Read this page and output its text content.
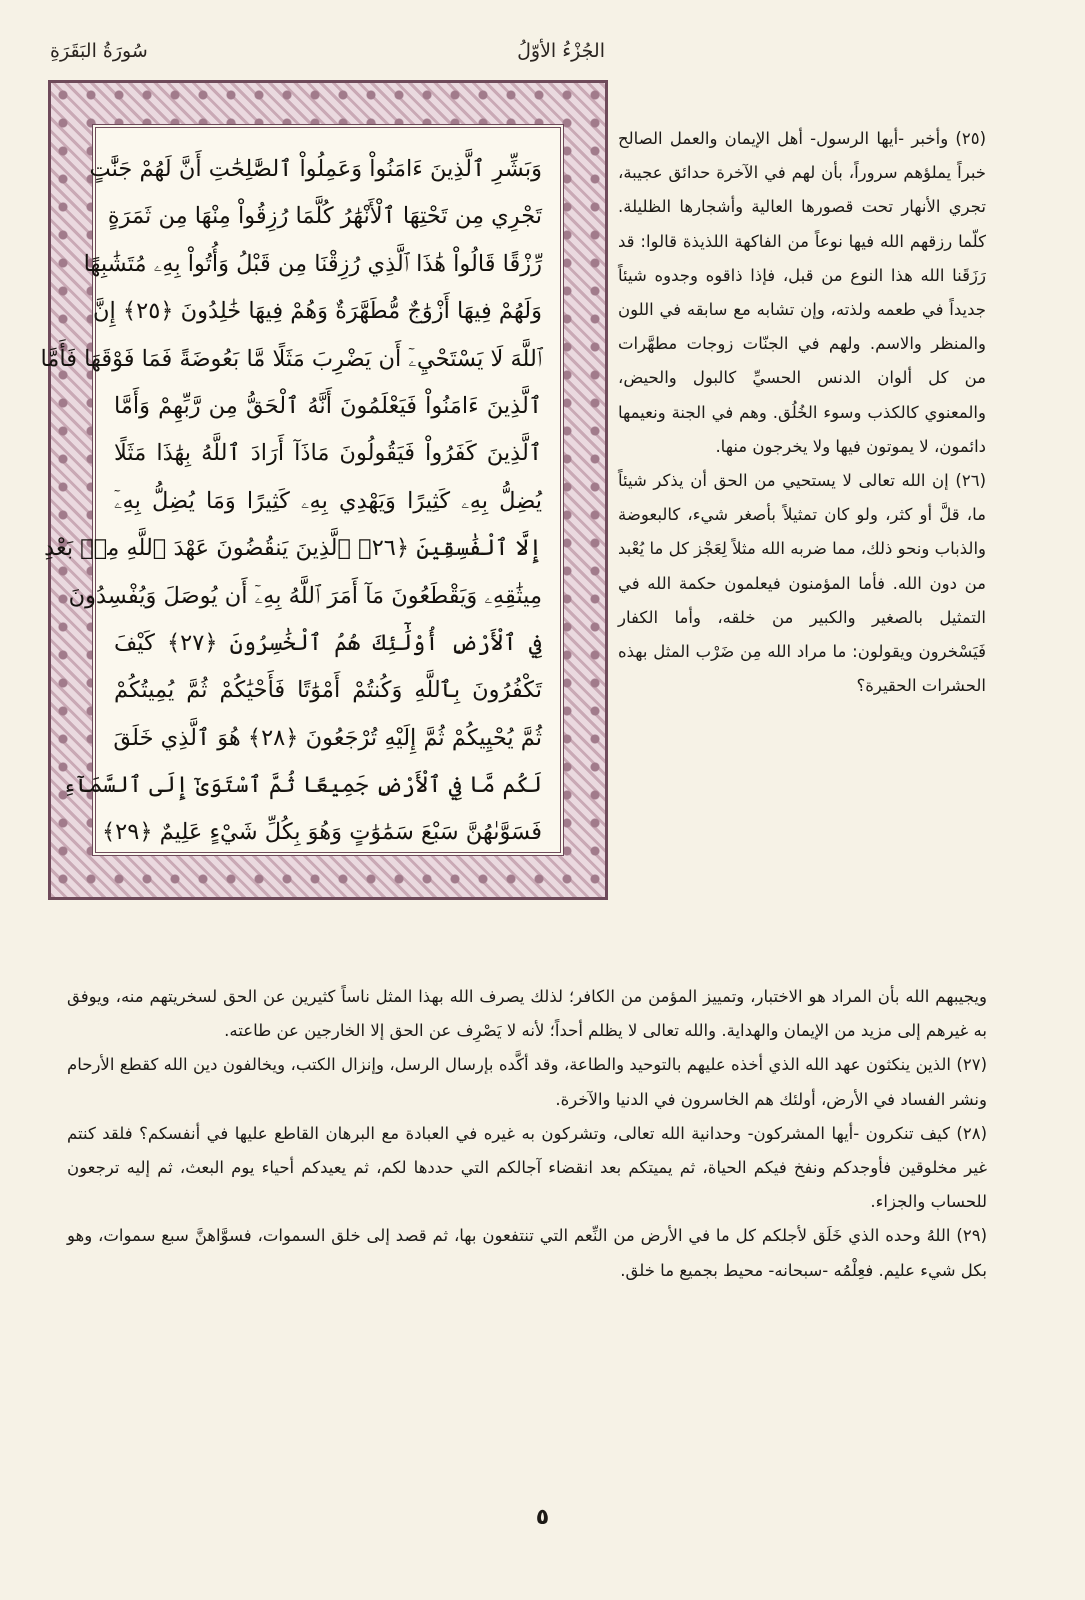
الجُزْءُ الأوّلُ
سُورَةُ البَقَرَةِ
وَبَشِّرِ ٱلَّذِينَ ءَامَنُواْ وَعَمِلُواْ ٱلصَّٰلِحَٰتِ أَنَّ لَهُمْ جَنَّٰتٍ
تَجْرِي مِن تَحْتِهَا ٱلْأَنْهَٰرُ كُلَّمَا رُزِقُواْ مِنْهَا مِن ثَمَرَةٍ
رِّزْقًا قَالُواْ هَٰذَا ٱلَّذِي رُزِقْنَا مِن قَبْلُ وَأُتُواْ بِهِۦ مُتَشَٰبِهًا
وَلَهُمْ فِيهَا أَزْوَٰجٌ مُّطَهَّرَةٌ وَهُمْ فِيهَا خَٰلِدُونَ ﴿٢٥﴾ إِنَّ
ٱللَّهَ لَا يَسْتَحْيِۦٓ أَن يَضْرِبَ مَثَلًا مَّا بَعُوضَةً فَمَا فَوْقَهَا فَأَمَّا
ٱلَّذِينَ ءَامَنُواْ فَيَعْلَمُونَ أَنَّهُ ٱلْحَقُّ مِن رَّبِّهِمْ وَأَمَّا
ٱلَّذِينَ كَفَرُواْ فَيَقُولُونَ مَاذَآ أَرَادَ ٱللَّهُ بِهَٰذَا مَثَلًا
يُضِلُّ بِهِۦ كَثِيرًا وَيَهْدِي بِهِۦ كَثِيرًا وَمَا يُضِلُّ بِهِۦٓ
إِلَّا ٱلْفَٰسِقِينَ ﴿٢٦﴾ ٱلَّذِينَ يَنقُضُونَ عَهْدَ ٱللَّهِ مِنۢ بَعْدِ
مِيثَٰقِهِۦ وَيَقْطَعُونَ مَآ أَمَرَ ٱللَّهُ بِهِۦٓ أَن يُوصَلَ وَيُفْسِدُونَ
فِي ٱلْأَرْضِ أُوْلَٰٓئِكَ هُمُ ٱلْخَٰسِرُونَ ﴿٢٧﴾ كَيْفَ
تَكْفُرُونَ بِٱللَّهِ وَكُنتُمْ أَمْوَٰتًا فَأَحْيَٰكُمْ ثُمَّ يُمِيتُكُمْ
ثُمَّ يُحْيِيكُمْ ثُمَّ إِلَيْهِ تُرْجَعُونَ ﴿٢٨﴾ هُوَ ٱلَّذِي خَلَقَ
لَكُم مَّا فِي ٱلْأَرْضِ جَمِيعًا ثُمَّ ٱسْتَوَىٰٓ إِلَى ٱلسَّمَآءِ
فَسَوَّىٰهُنَّ سَبْعَ سَمَٰوَٰتٍ وَهُوَ بِكُلِّ شَيْءٍ عَلِيمٌ ﴿٢٩﴾

(٢٥) وأخبر -أيها الرسول- أهل الإيمان والعمل الصالح خبراً يملؤهم سروراً، بأن لهم في الآخرة حدائق عجيبة، تجري الأنهار تحت قصورها العالية وأشجارها الظليلة. كلّما رزقهم الله فيها نوعاً من الفاكهة اللذيذة قالوا: قد رَزَقَنا الله هذا النوع من قبل، فإذا ذاقوه وجدوه شيئاً جديداً في طعمه ولذته، وإن تشابه مع سابقه في اللون والمنظر والاسم. ولهم في الجنّات زوجات مطهَّرات من كل ألوان الدنس الحسيِّ كالبول والحيض، والمعنوي كالكذب وسوء الخُلُق. وهم في الجنة ونعيمها دائمون، لا يموتون فيها ولا يخرجون منها.

(٢٦) إن الله تعالى لا يستحيي من الحق أن يذكر شيئاً ما، قلَّ أو كثر، ولو كان تمثيلاً بأصغر شيء، كالبعوضة والذباب ونحو ذلك، مما ضربه الله مثلاً لِعَجْز كل ما يُعْبد من دون الله. فأما المؤمنون فيعلمون حكمة الله في التمثيل بالصغير والكبير من خلقه، وأما الكفار فَيَسْخرون ويقولون: ما مراد الله مِن ضَرْب المثل بهذه الحشرات الحقيرة؟

ويجيبهم الله بأن المراد هو الاختبار، وتمييز المؤمن من الكافر؛ لذلك يصرف الله بهذا المثل ناساً كثيرين عن الحق لسخريتهم منه، ويوفق به غيرهم إلى مزيد من الإيمان والهداية. والله تعالى لا يظلم أحداً؛ لأنه لا يَصْرِف عن الحق إلا الخارجين عن طاعته.

(٢٧) الذين ينكثون عهد الله الذي أخذه عليهم بالتوحيد والطاعة، وقد أكَّده بإرسال الرسل، وإنزال الكتب، ويخالفون دين الله كقطع الأرحام ونشر الفساد في الأرض، أولئك هم الخاسرون في الدنيا والآخرة.

(٢٨) كيف تنكرون -أيها المشركون- وحدانية الله تعالى، وتشركون به غيره في العبادة مع البرهان القاطع عليها في أنفسكم؟ فلقد كنتم غير مخلوقين فأوجدكم ونفخ فيكم الحياة، ثم يميتكم بعد انقضاء آجالكم التي حددها لكم، ثم يعيدكم أحياء يوم البعث، ثم إليه ترجعون للحساب والجزاء.

(٢٩) اللهُ وحده الذي خَلَق لأجلكم كل ما في الأرض من النِّعم التي تنتفعون بها، ثم قصد إلى خلق السموات، فسوَّاهنَّ سبع سموات، وهو بكل شيء عليم. فعِلْمُه -سبحانه- محيط بجميع ما خلق.

٥
